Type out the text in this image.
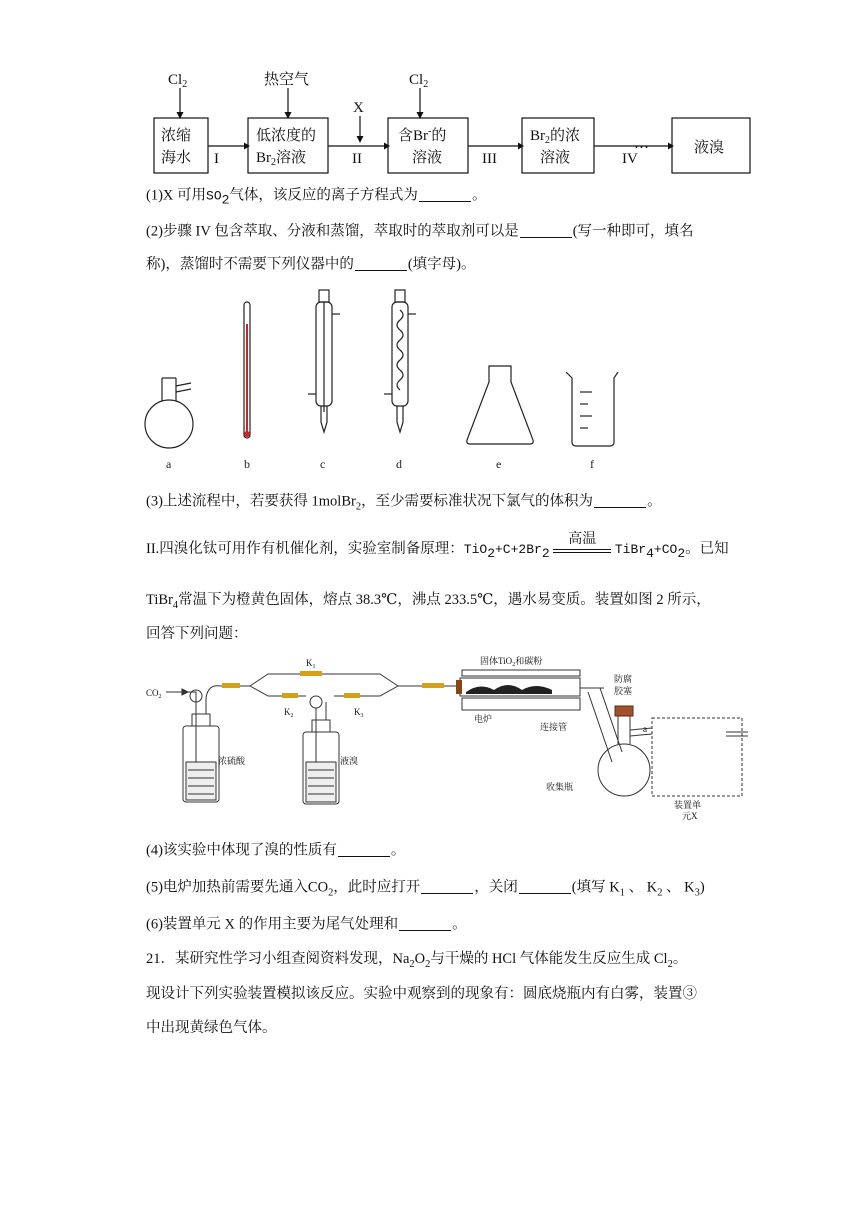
$Cl_2$	热空气
X
$Cl_2$
浓缩
海水
低浓度的
$Br_2$溶液
含Br-的
溶液
$Br_2$的浓
溶液
液溴
I	II	III	IV
…
(1)X 可用$SO_2$气体，该反应的离子方程式为	。
(2)步骤 IV 包含萃取、分液和蒸馏，萃取时的萃取剂可以是	(写一种即可，填名
称)，蒸馏时不需要下列仪器中的	(填字母)。
a	b	c	d	e	f
(3)上述流程中，若要获得 1molBr$_2$，至少需要标准状况下氯气的体积为	。
II.四溴化钛可用作有机催化剂，实验室制备原理：$TiO_2+C+2Br_2$
高温
$TiBr_4+CO_2$。已知
TiBr$_4$常温下为橙黄色固体，熔点 38.3℃，沸点 233.5℃，遇水易变质。装置如图 2 所示，
回答下列问题：
$CO_2$
$K_1$
$K_2$	$K_3$
浓硫酸	液溴
固体TiO$_2$和碳粉
电炉
连接管
收集瓶
防腐
胶塞
a
装置单
元X
(4)该实验中体现了溴的性质有	。
(5)电炉加热前需要先通入$CO_2$，此时应打开	，关闭	(填写 $K_1$ 、 $K_2$ 、 $K_3$)
(6)装置单元 X 的作用主要为尾气处理和	。
21．某研究性学习小组查阅资料发现，$Na_2O_2$与干燥的 HCl 气体能发生反应生成 $Cl_2$。
现设计下列实验装置模拟该反应。实验中观察到的现象有：圆底烧瓶内有白雾，装置③
中出现黄绿色气体。
